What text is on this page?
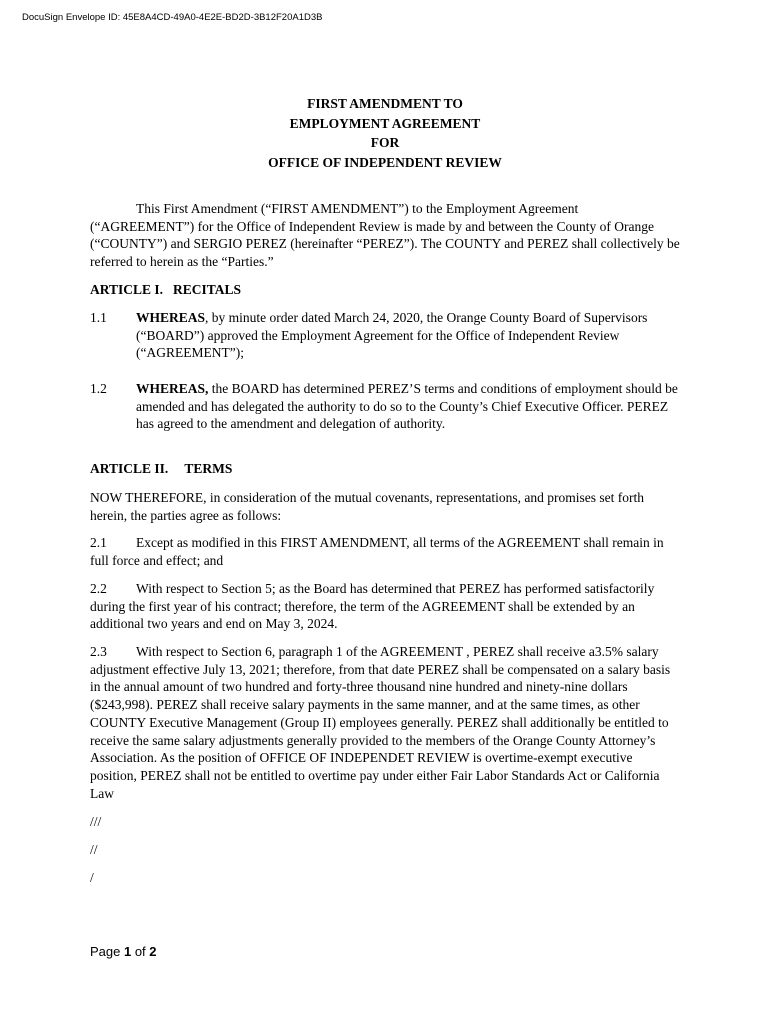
DocuSign Envelope ID: 45E8A4CD-49A0-4E2E-BD2D-3B12F20A1D3B
FIRST AMENDMENT TO
EMPLOYMENT AGREEMENT
FOR
OFFICE OF INDEPENDENT REVIEW
This First Amendment (“FIRST AMENDMENT”) to the Employment Agreement (“AGREEMENT”) for the Office of Independent Review is made by and between the County of Orange (“COUNTY”) and SERGIO PEREZ (hereinafter “PEREZ”). The COUNTY and PEREZ shall collectively be referred to herein as the “Parties.”
ARTICLE I. RECITALS
1.1	WHEREAS, by minute order dated March 24, 2020, the Orange County Board of Supervisors (“BOARD”) approved the Employment Agreement for the Office of Independent Review (“AGREEMENT”);
1.2	WHEREAS, the BOARD has determined PEREZ’S terms and conditions of employment should be amended and has delegated the authority to do so to the County’s Chief Executive Officer. PEREZ has agreed to the amendment and delegation of authority.
ARTICLE II. TERMS
NOW THEREFORE, in consideration of the mutual covenants, representations, and promises set forth herein, the parties agree as follows:
2.1 Except as modified in this FIRST AMENDMENT, all terms of the AGREEMENT shall remain in full force and effect; and
2.2 With respect to Section 5; as the Board has determined that PEREZ has performed satisfactorily during the first year of his contract; therefore, the term of the AGREEMENT shall be extended by an additional two years and end on May 3, 2024.
2.3 With respect to Section 6, paragraph 1 of the AGREEMENT , PEREZ shall receive a3.5% salary adjustment effective July 13, 2021; therefore, from that date PEREZ shall be compensated on a salary basis in the annual amount of two hundred and forty-three thousand nine hundred and ninety-nine dollars ($243,998). PEREZ shall receive salary payments in the same manner, and at the same times, as other COUNTY Executive Management (Group II) employees generally. PEREZ shall additionally be entitled to receive the same salary adjustments generally provided to the members of the Orange County Attorney’s Association. As the position of OFFICE OF INDEPENDET REVIEW is overtime-exempt executive position, PEREZ shall not be entitled to overtime pay under either Fair Labor Standards Act or California Law
///
//
/
Page 1 of 2
